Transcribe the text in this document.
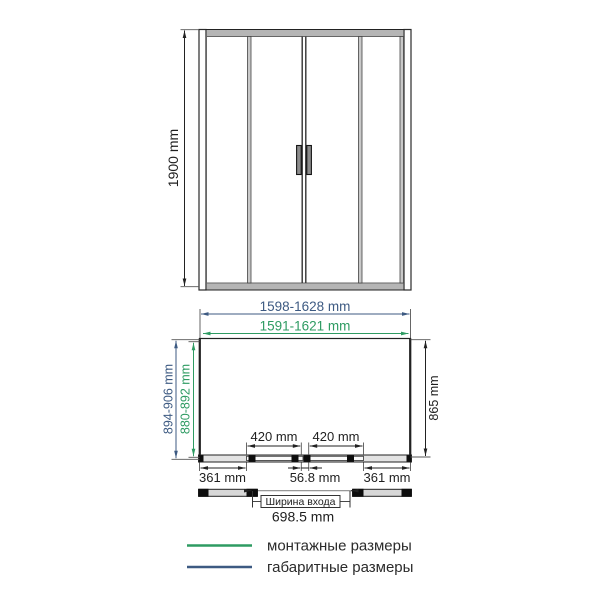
1900 mm
1598-1628 mm
1591-1621 mm
894-906 mm 880-892 mm	865 mm
420 mm 420 mm
361 mm	56.8 mm 361 mm
Ширина входа
698.5 mm
монтажные размеры
габаритные размеры
